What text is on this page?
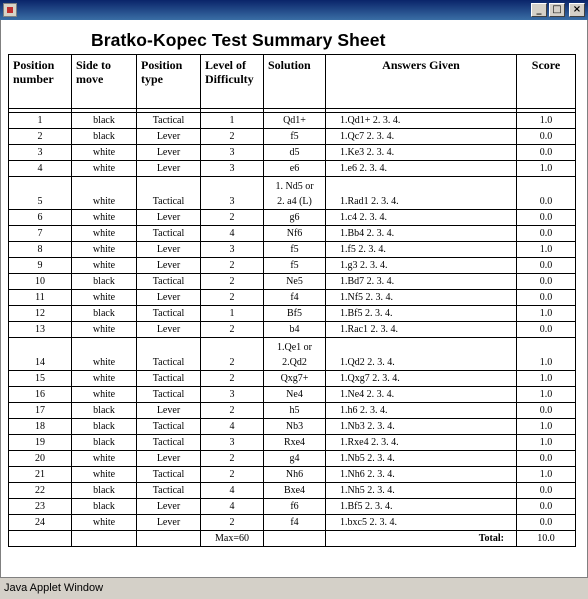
_	□	×
Bratko-Kopec Test Summary Sheet
Position
number	Side to
move	Position
type	Level of
Difficulty	Solution	Answers Given	Score

1	black	Tactical	1	Qd1+	1.Qd1+ 2. 3. 4.	1.0
2	black	Lever	2	f5	1.Qc7 2. 3. 4.	0.0
3	white	Lever	3	d5	1.Ke3 2. 3. 4.	0.0
4	white	Lever	3	e6	1.e6 2. 3. 4.	1.0
5	white	Tactical	3	1. Nd5 or
2. a4 (L)	1.Rad1 2. 3. 4.	0.0
6	white	Lever	2	g6	1.c4 2. 3. 4.	0.0
7	white	Tactical	4	Nf6	1.Bb4 2. 3. 4.	0.0
8	white	Lever	3	f5	1.f5 2. 3. 4.	1.0
9	white	Lever	2	f5	1.g3 2. 3. 4.	0.0
10	black	Tactical	2	Ne5	1.Bd7 2. 3. 4.	0.0
11	white	Lever	2	f4	1.Nf5 2. 3. 4.	0.0
12	black	Tactical	1	Bf5	1.Bf5 2. 3. 4.	1.0
13	white	Lever	2	b4	1.Rac1 2. 3. 4.	0.0
14	white	Tactical	2	1.Qe1 or
2.Qd2	1.Qd2 2. 3. 4.	1.0
15	white	Tactical	2	Qxg7+	1.Qxg7 2. 3. 4.	1.0
16	white	Tactical	3	Ne4	1.Ne4 2. 3. 4.	1.0
17	black	Lever	2	h5	1.h6 2. 3. 4.	0.0
18	black	Tactical	4	Nb3	1.Nb3 2. 3. 4.	1.0
19	black	Tactical	3	Rxe4	1.Rxe4 2. 3. 4.	1.0
20	white	Lever	2	g4	1.Nb5 2. 3. 4.	0.0
21	white	Tactical	2	Nh6	1.Nh6 2. 3. 4.	1.0
22	black	Tactical	4	Bxe4	1.Nh5 2. 3. 4.	0.0
23	black	Lever	4	f6	1.Bf5 2. 3. 4.	0.0
24	white	Lever	2	f4	1.bxc5 2. 3. 4.	0.0
			Max=60		Total:	10.0
Java Applet Window
